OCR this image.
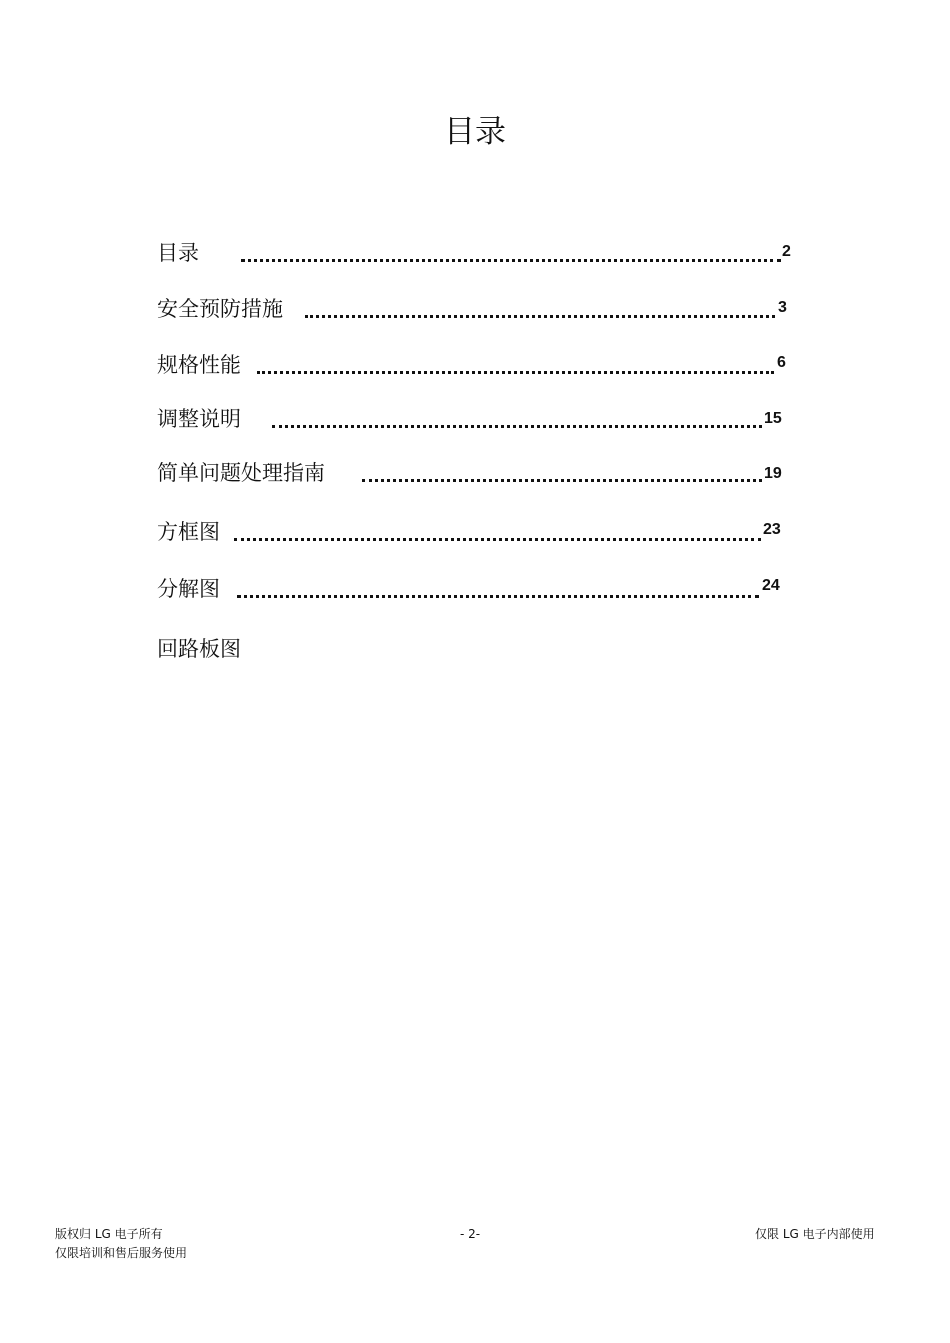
目录
目录	2
安全预防措施	3
规格性能	6
调整说明	15
简单问题处理指南	19
方框图	23
分解图	24
回路板图
版权归 LG 电子所有
仅限培训和售后服务使用
- 2-	仅限 LG 电子内部使用
